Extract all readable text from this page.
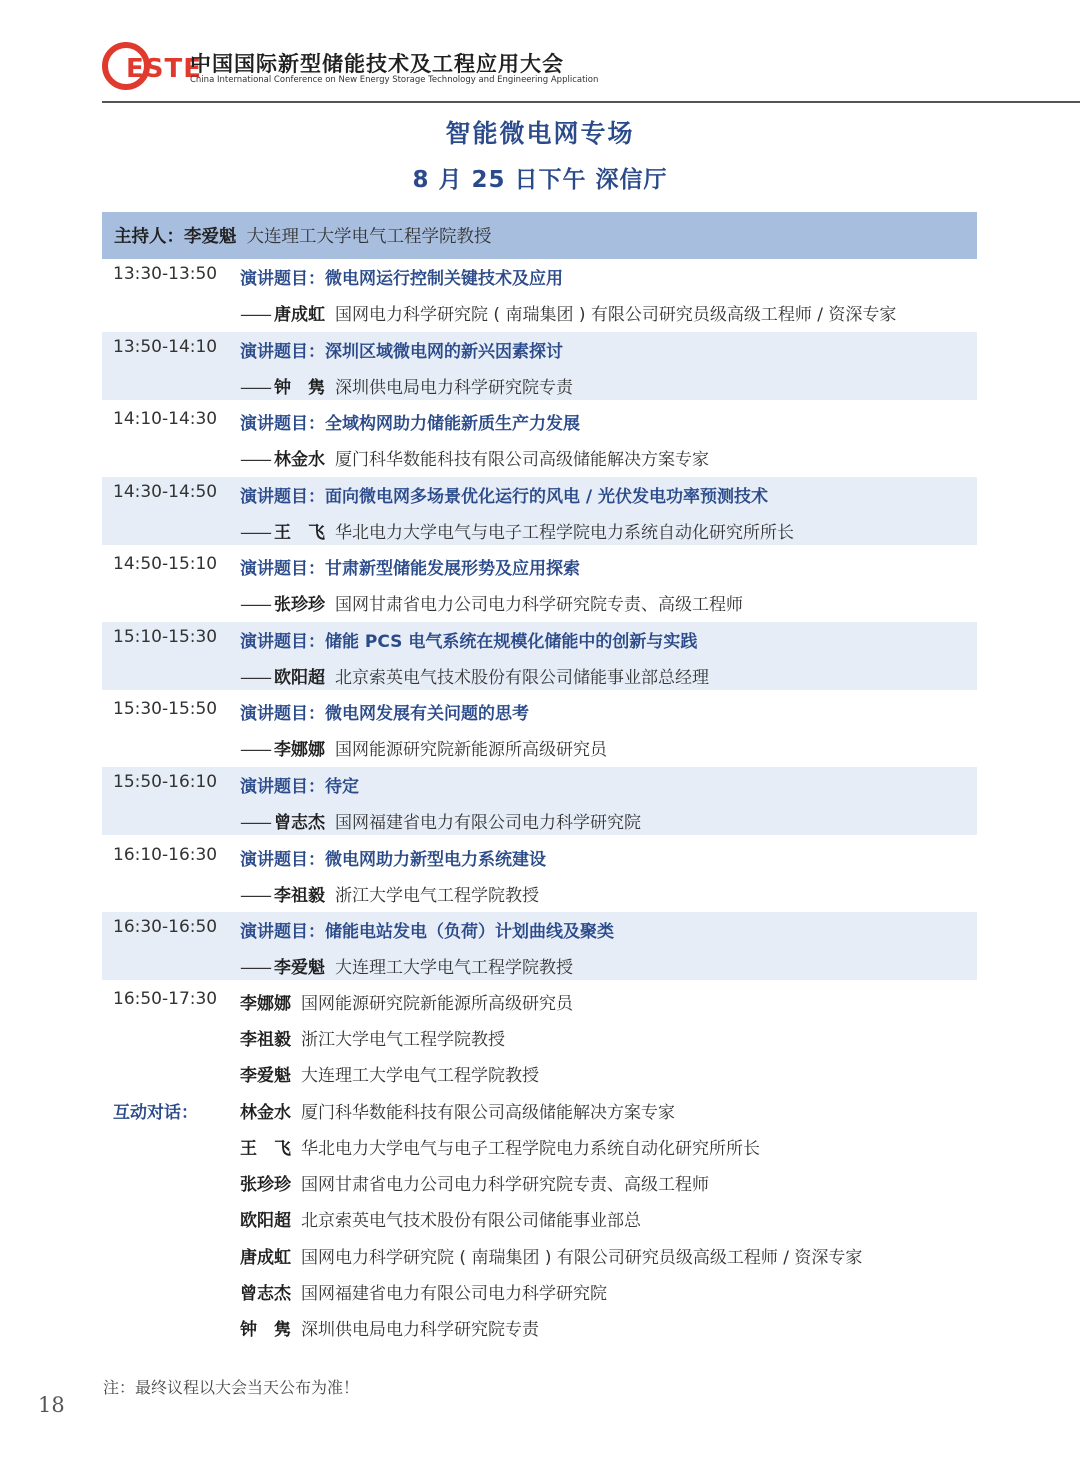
ESTE
中国国际新型储能技术及工程应用大会
China International Conference on New Energy Storage Technology and Engineering Application
智能微电网专场
8 月 25 日下午 深信厅
主持人： 李爱魁 大连理工大学电气工程学院教授
13:30-13:50 演讲题目：微电网运行控制关键技术及应用
—— 唐成虹 国网电力科学研究院 ( 南瑞集团 ) 有限公司研究员级高级工程师 / 资深专家
13:50-14:10 演讲题目：深圳区域微电网的新兴因素探讨
—— 钟　隽 深圳供电局电力科学研究院专责
14:10-14:30 演讲题目：全域构网助力储能新质生产力发展
—— 林金水 厦门科华数能科技有限公司高级储能解决方案专家
14:30-14:50 演讲题目：面向微电网多场景优化运行的风电 / 光伏发电功率预测技术
—— 王　飞 华北电力大学电气与电子工程学院电力系统自动化研究所所长
14:50-15:10 演讲题目：甘肃新型储能发展形势及应用探索
—— 张珍珍 国网甘肃省电力公司电力科学研究院专责、高级工程师
15:10-15:30 演讲题目：储能 PCS 电气系统在规模化储能中的创新与实践
—— 欧阳超 北京索英电气技术股份有限公司储能事业部总经理
15:30-15:50 演讲题目：微电网发展有关问题的思考
—— 李娜娜 国网能源研究院新能源所高级研究员
15:50-16:10 演讲题目：待定
—— 曾志杰 国网福建省电力有限公司电力科学研究院
16:10-16:30 演讲题目：微电网助力新型电力系统建设
—— 李祖毅 浙江大学电气工程学院教授
16:30-16:50 演讲题目：储能电站发电（负荷）计划曲线及聚类
—— 李爱魁 大连理工大学电气工程学院教授
16:50-17:30
互动对话：
李娜娜 国网能源研究院新能源所高级研究员
李祖毅 浙江大学电气工程学院教授
李爱魁 大连理工大学电气工程学院教授
林金水 厦门科华数能科技有限公司高级储能解决方案专家
王　飞 华北电力大学电气与电子工程学院电力系统自动化研究所所长
张珍珍 国网甘肃省电力公司电力科学研究院专责、高级工程师
欧阳超 北京索英电气技术股份有限公司储能事业部总
唐成虹 国网电力科学研究院 ( 南瑞集团 ) 有限公司研究员级高级工程师 / 资深专家
曾志杰 国网福建省电力有限公司电力科学研究院
钟　隽 深圳供电局电力科学研究院专责
注：最终议程以大会当天公布为准！
18
